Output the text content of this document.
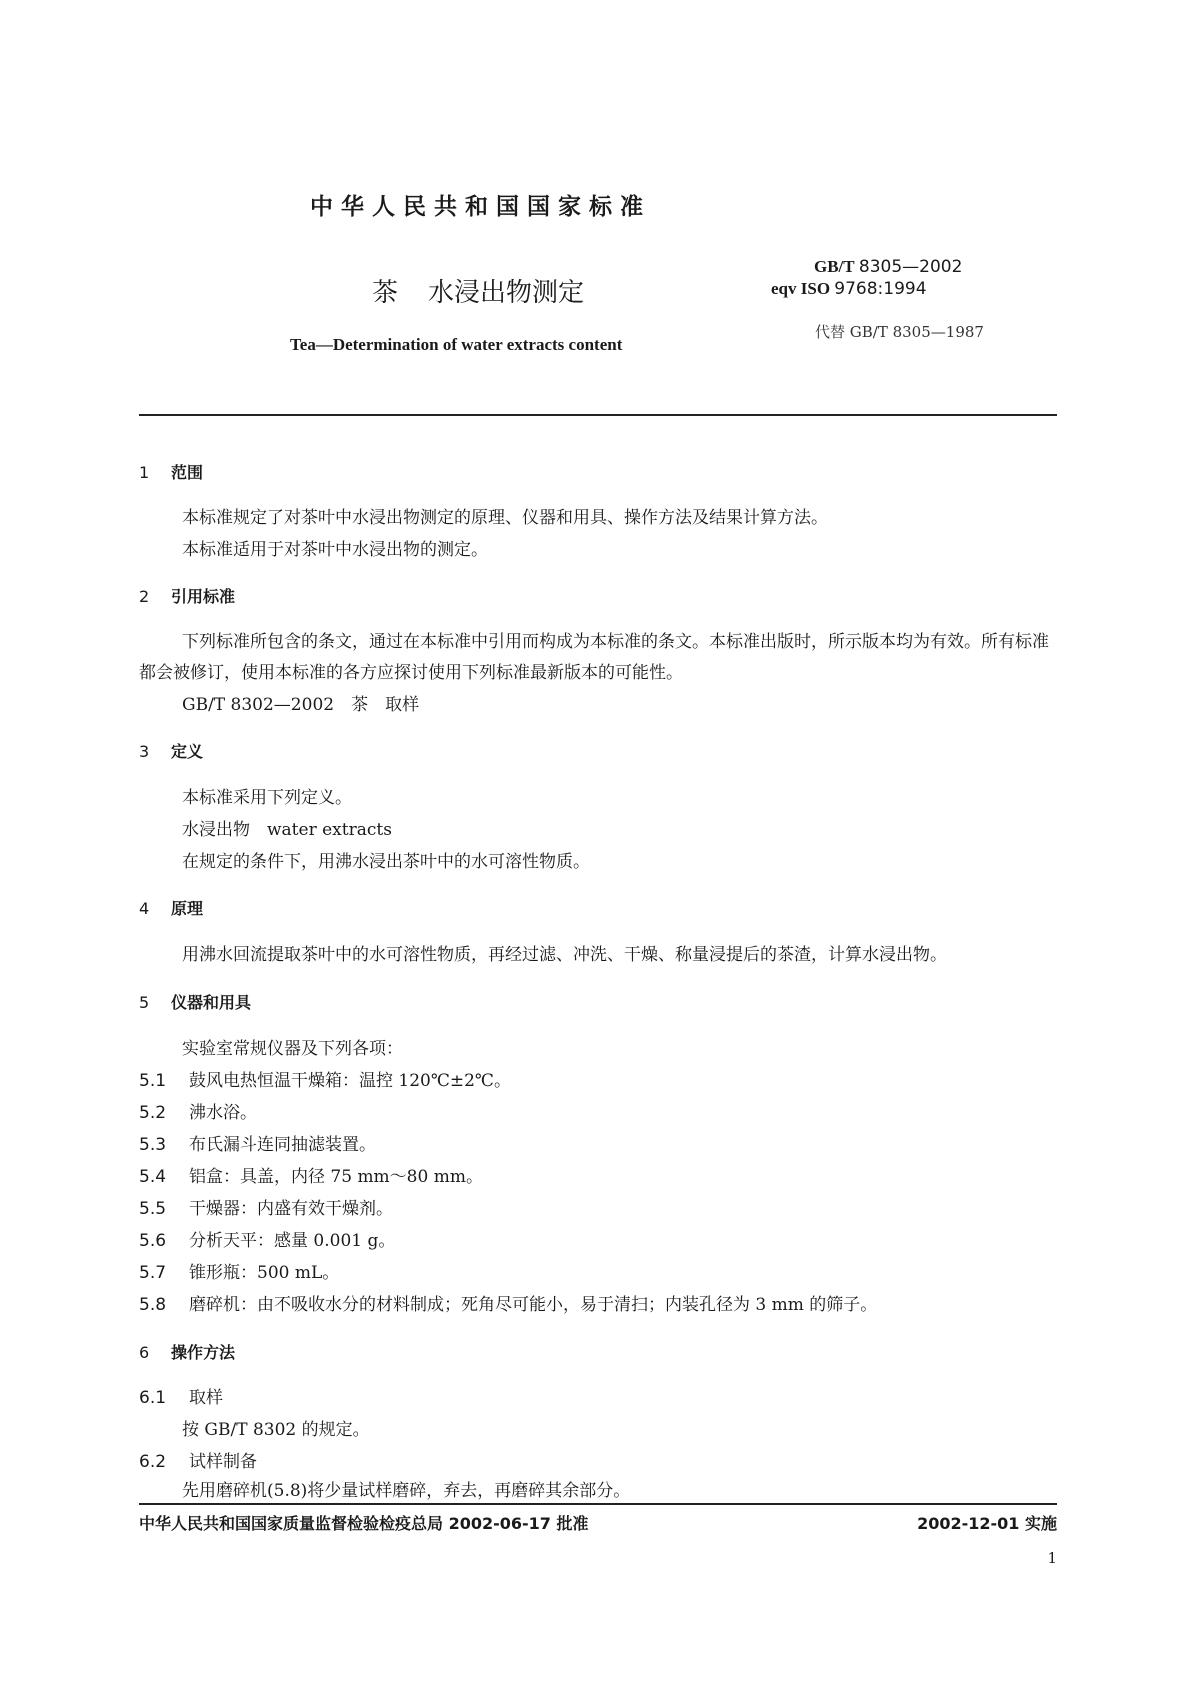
中华人民共和国国家标准
茶 水浸出物测定
Tea—Determination of water extracts content
GB/T 8305—2002
eqv ISO 9768:1994
代替 GB/T 8305—1987
1 范围
本标准规定了对茶叶中水浸出物测定的原理、仪器和用具、操作方法及结果计算方法。
本标准适用于对茶叶中水浸出物的测定。
2 引用标准
下列标准所包含的条文，通过在本标准中引用而构成为本标准的条文。本标准出版时，所示版本均为有效。所有标准都会被修订，使用本标准的各方应探讨使用下列标准最新版本的可能性。
GB/T 8302—2002　茶　取样
3 定义
本标准采用下列定义。
水浸出物　water extracts
在规定的条件下，用沸水浸出茶叶中的水可溶性物质。
4 原理
用沸水回流提取茶叶中的水可溶性物质，再经过滤、冲洗、干燥、称量浸提后的茶渣，计算水浸出物。
5 仪器和用具
实验室常规仪器及下列各项：
5.1 鼓风电热恒温干燥箱：温控 120℃±2℃。
5.2 沸水浴。
5.3 布氏漏斗连同抽滤装置。
5.4 铝盒：具盖，内径 75 mm～80 mm。
5.5 干燥器：内盛有效干燥剂。
5.6 分析天平：感量 0.001 g。
5.7 锥形瓶：500 mL。
5.8 磨碎机：由不吸收水分的材料制成；死角尽可能小，易于清扫；内装孔径为 3 mm 的筛子。
6 操作方法
6.1 取样
按 GB/T 8302 的规定。
6.2 试样制备
先用磨碎机(5.8)将少量试样磨碎，弃去，再磨碎其余部分。
中华人民共和国国家质量监督检验检疫总局 2002-06-17 批准	2002-12-01 实施
1
